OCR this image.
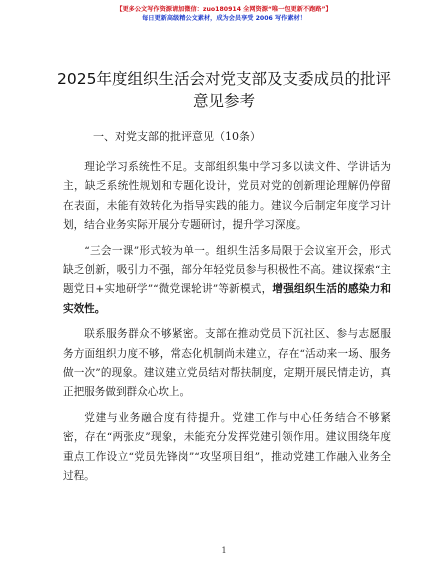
【更多公文写作资源请加微信：zuo180914 全网资源“唯一包更新不跑路”】
每日更新高级精公文素材，成为会员享受 2006 写作素材！
2025年度组织生活会对党支部及支委成员的批评意见参考
一、对党支部的批评意见（10条）

理论学习系统性不足。支部组织集中学习多以读文件、学讲话为主，缺乏系统性规划和专题化设计，党员对党的创新理论理解仍停留在表面，未能有效转化为指导实践的能力。建议今后制定年度学习计划，结合业务实际开展分专题研讨，提升学习深度。

“三会一课”形式较为单一。组织生活多局限于会议室开会，形式缺乏创新，吸引力不强，部分年轻党员参与积极性不高。建议探索“主题党日+实地研学”“微党课轮讲”等新模式，增强组织生活的感染力和实效性。

联系服务群众不够紧密。支部在推动党员下沉社区、参与志愿服务方面组织力度不够，常态化机制尚未建立，存在“活动来一场、服务做一次”的现象。建议建立党员结对帮扶制度，定期开展民情走访，真正把服务做到群众心坎上。

党建与业务融合度有待提升。党建工作与中心任务结合不够紧密，存在“两张皮”现象，未能充分发挥党建引领作用。建议围绕年度重点工作设立“党员先锋岗”“攻坚项目组”，推动党建工作融入业务全过程。

1
